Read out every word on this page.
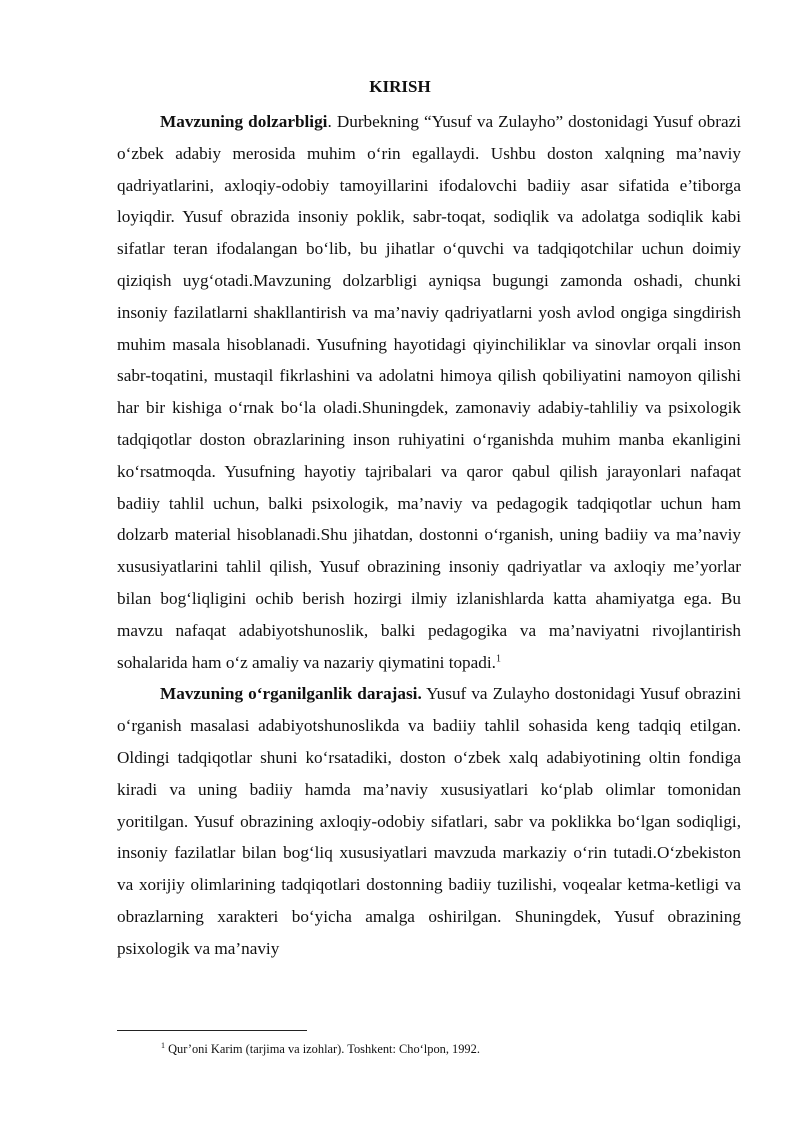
KIRISH

Mavzuning dolzarbligi. Durbekning “Yusuf va Zulayho” dostonidagi Yusuf obrazi o‘zbek adabiy merosida muhim o‘rin egallaydi. Ushbu doston xalqning ma’naviy qadriyatlarini, axloqiy-odobiy tamoyillarini ifodalovchi badiiy asar sifatida e’tiborga loyiqdir. Yusuf obrazida insoniy poklik, sabr-toqat, sodiqlik va adolatga sodiqlik kabi sifatlar teran ifodalangan bo‘lib, bu jihatlar o‘quvchi va tadqiqotchilar uchun doimiy qiziqish uyg‘otadi.Mavzuning dolzarbligi ayniqsa bugungi zamonda oshadi, chunki insoniy fazilatlarni shakllantirish va ma’naviy qadriyatlarni yosh avlod ongiga singdirish muhim masala hisoblanadi. Yusufning hayotidagi qiyinchiliklar va sinovlar orqali inson sabr-toqatini, mustaqil fikrlashini va adolatni himoya qilish qobiliyatini namoyon qilishi har bir kishiga o‘rnak bo‘la oladi.Shuningdek, zamonaviy adabiy-tahliliy va psixologik tadqiqotlar doston obrazlarining inson ruhiyatini o‘rganishda muhim manba ekanligini ko‘rsatmoqda. Yusufning hayotiy tajribalari va qaror qabul qilish jarayonlari nafaqat badiiy tahlil uchun, balki psixologik, ma’naviy va pedagogik tadqiqotlar uchun ham dolzarb material hisoblanadi.Shu jihatdan, dostonni o‘rganish, uning badiiy va ma’naviy xususiyatlarini tahlil qilish, Yusuf obrazining insoniy qadriyatlar va axloqiy me’yorlar bilan bog‘liqligini ochib berish hozirgi ilmiy izlanishlarda katta ahamiyatga ega. Bu mavzu nafaqat adabiyotshunoslik, balki pedagogika va ma’naviyatni rivojlantirish sohalarida ham o‘z amaliy va nazariy qiymatini topadi.$^1$

Mavzuning o‘rganilganlik darajasi. Yusuf va Zulayho dostonidagi Yusuf obrazini o‘rganish masalasi adabiyotshunoslikda va badiiy tahlil sohasida keng tadqiq etilgan. Oldingi tadqiqotlar shuni ko‘rsatadiki, doston o‘zbek xalq adabiyotining oltin fondiga kiradi va uning badiiy hamda ma’naviy xususiyatlari ko‘plab olimlar tomonidan yoritilgan. Yusuf obrazining axloqiy-odobiy sifatlari, sabr va poklikka bo‘lgan sodiqligi, insoniy fazilatlar bilan bog‘liq xususiyatlari mavzuda markaziy o‘rin tutadi.O‘zbekiston va xorijiy olimlarining tadqiqotlari dostonning badiiy tuzilishi, voqealar ketma-ketligi va obrazlarning xarakteri bo‘yicha amalga oshirilgan. Shuningdek, Yusuf obrazining psixologik va ma’naviy

$^1$ Qur’oni Karim (tarjima va izohlar). Toshkent: Cho‘lpon, 1992.
